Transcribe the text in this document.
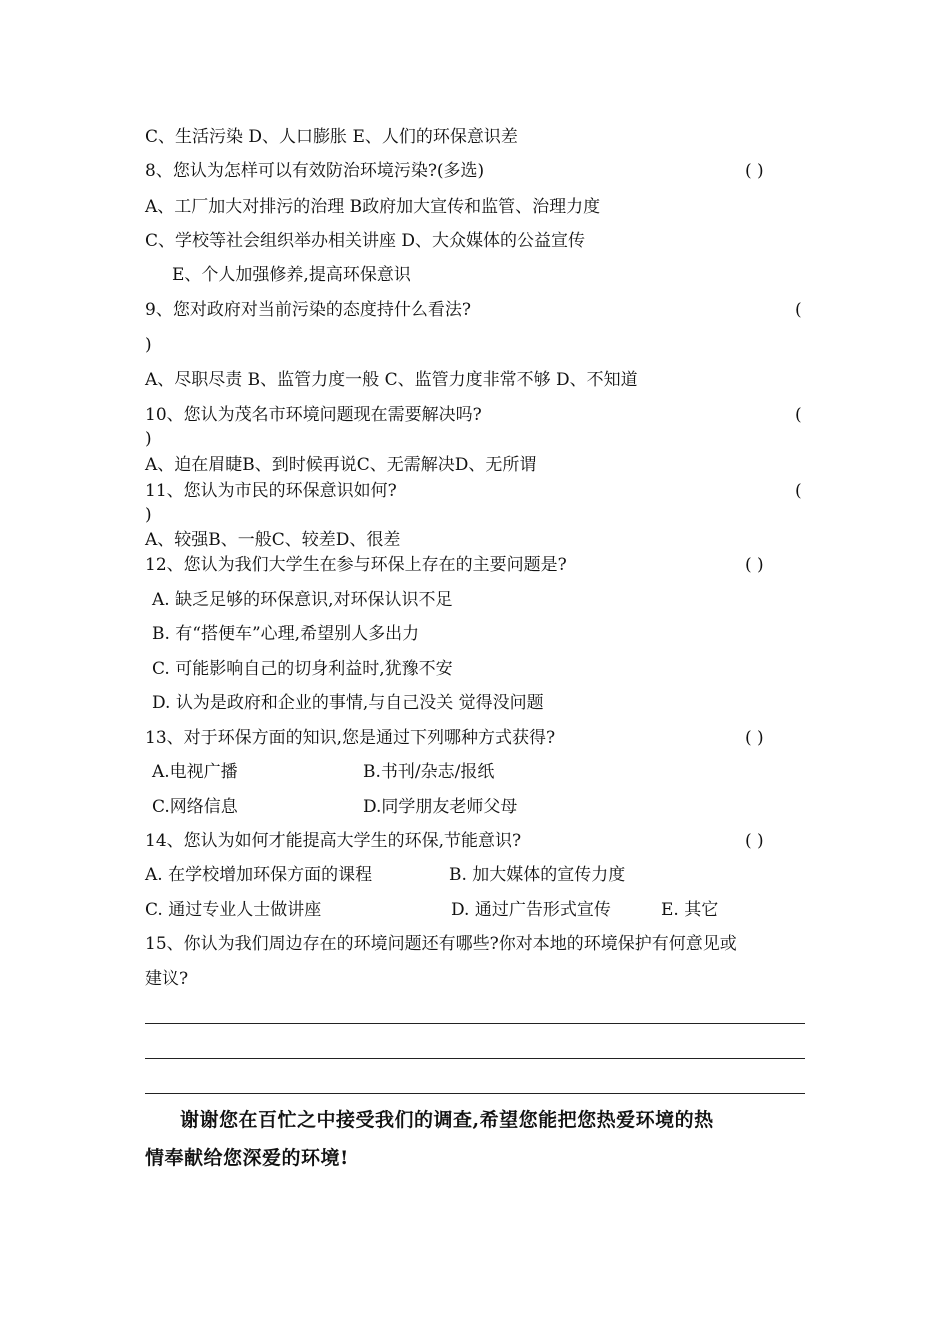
C、生活污染 D、人口膨胀 E、人们的环保意识差
8、您认为怎样可以有效防治环境污染?(多选)	( )
A、工厂加大对排污的治理 B政府加大宣传和监管、治理力度
C、学校等社会组织举办相关讲座 D、大众媒体的公益宣传
E、个人加强修养,提高环保意识
9、您对政府对当前污染的态度持什么看法?	(
)
A、尽职尽责 B、监管力度一般 C、监管力度非常不够 D、不知道
10、您认为茂名市环境问题现在需要解决吗?	(
)
A、迫在眉睫B、到时候再说C、无需解决D、无所谓
11、您认为市民的环保意识如何?	(
)
A、较强B、一般C、较差D、很差
12、您认为我们大学生在参与环保上存在的主要问题是?	( )
A. 缺乏足够的环保意识,对环保认识不足
B. 有“搭便车”心理,希望别人多出力
C. 可能影响自己的切身利益时,犹豫不安
D. 认为是政府和企业的事情,与自己没关 觉得没问题
13、对于环保方面的知识,您是通过下列哪种方式获得?	( )
A.电视广播	B.书刊/杂志/报纸
C.网络信息	D.同学朋友老师父母
14、您认为如何才能提高大学生的环保,节能意识?	( )
A. 在学校增加环保方面的课程	B. 加大媒体的宣传力度
C. 通过专业人士做讲座	D. 通过广告形式宣传	E. 其它
15、你认为我们周边存在的环境问题还有哪些?你对本地的环境保护有何意见或
建议?
谢谢您在百忙之中接受我们的调查,希望您能把您热爱环境的热
情奉献给您深爱的环境!
